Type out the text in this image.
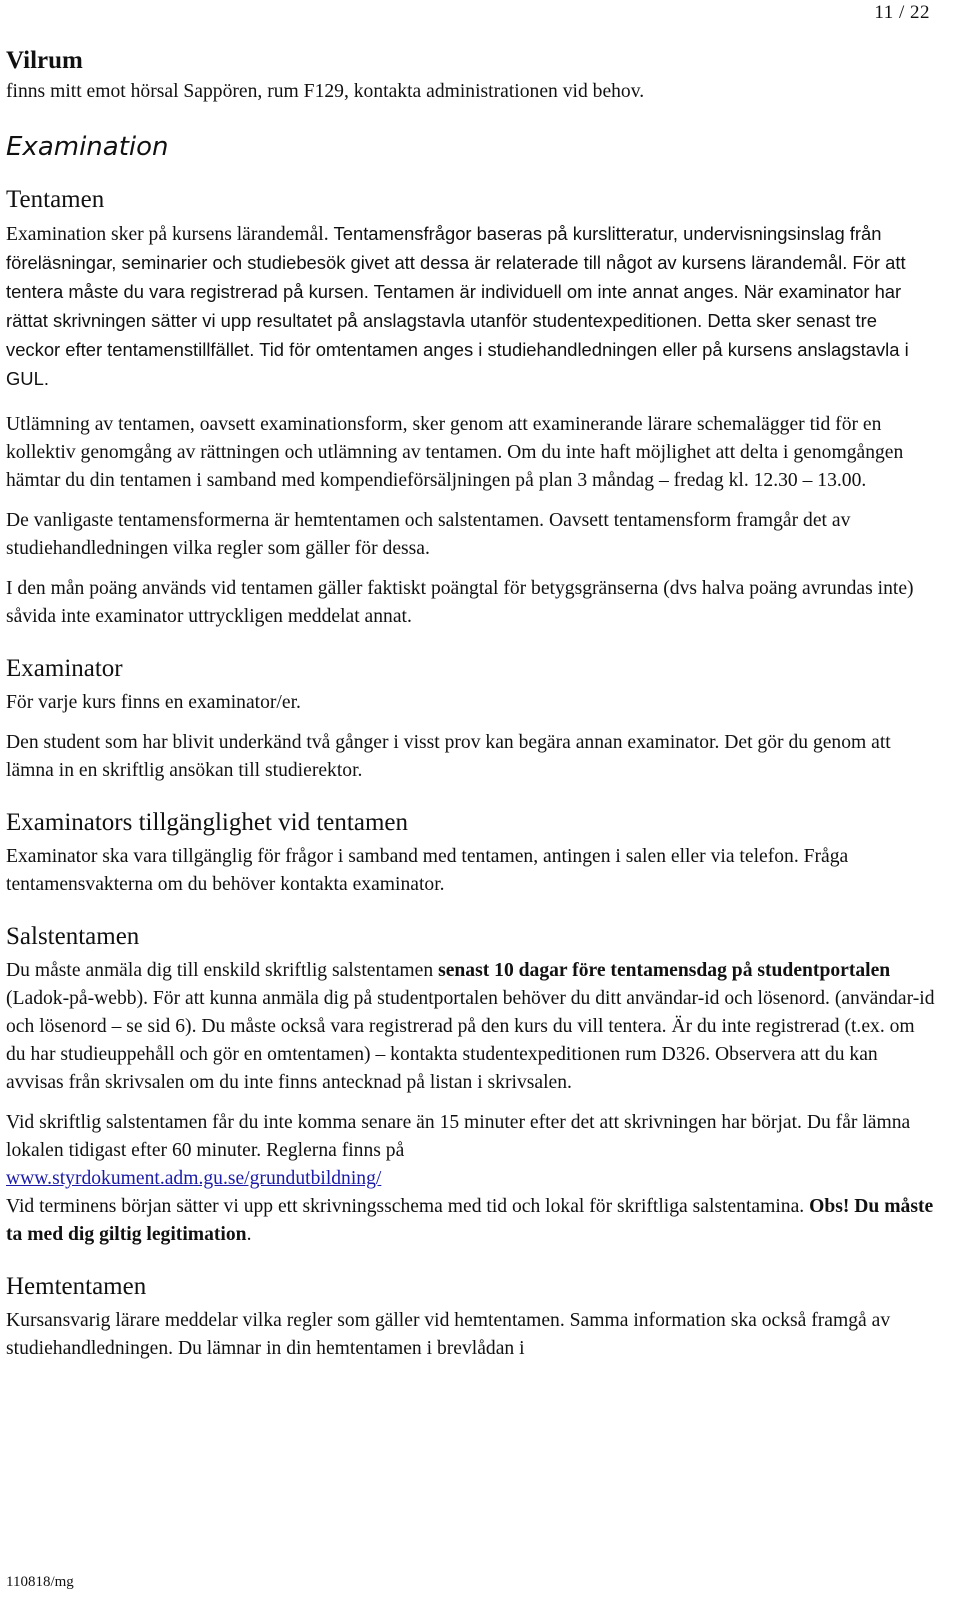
11 / 22
Vilrum

finns mitt emot hörsal Sappören, rum F129, kontakta administrationen vid behov.

Examination
Tentamen

Examination sker på kursens lärandemål. Tentamensfrågor baseras på kurslitteratur, undervisningsinslag från föreläsningar, seminarier och studiebesök givet att dessa är relaterade till något av kursens lärandemål. För att tentera måste du vara registrerad på kursen. Tentamen är individuell om inte annat anges. När examinator har rättat skrivningen sätter vi upp resultatet på anslagstavla utanför studentexpeditionen. Detta sker senast tre veckor efter tentamenstillfället. Tid för omtentamen anges i studiehandledningen eller på kursens anslagstavla i GUL.

Utlämning av tentamen, oavsett examinationsform, sker genom att examinerande lärare schemalägger tid för en kollektiv genomgång av rättningen och utlämning av tentamen. Om du inte haft möjlighet att delta i genomgången hämtar du din tentamen i samband med kompendieförsäljningen på plan 3 måndag – fredag kl. 12.30 – 13.00.

De vanligaste tentamensformerna är hemtentamen och salstentamen. Oavsett tentamensform framgår det av studiehandledningen vilka regler som gäller för dessa.

I den mån poäng används vid tentamen gäller faktiskt poängtal för betygsgränserna (dvs halva poäng avrundas inte) såvida inte examinator uttryckligen meddelat annat.

Examinator

För varje kurs finns en examinator/er.

Den student som har blivit underkänd två gånger i visst prov kan begära annan examinator. Det gör du genom att lämna in en skriftlig ansökan till studierektor.

Examinators tillgänglighet vid tentamen

Examinator ska vara tillgänglig för frågor i samband med tentamen, antingen i salen eller via telefon. Fråga tentamensvakterna om du behöver kontakta examinator.

Salstentamen

Du måste anmäla dig till enskild skriftlig salstentamen senast 10 dagar före tentamensdag på studentportalen (Ladok-på-webb). För att kunna anmäla dig på studentportalen behöver du ditt användar-id och lösenord. (användar-id och lösenord – se sid 6). Du måste också vara registrerad på den kurs du vill tentera. Är du inte registrerad (t.ex. om du har studieuppehåll och gör en omtentamen) – kontakta studentexpeditionen rum D326. Observera att du kan avvisas från skrivsalen om du inte finns antecknad på listan i skrivsalen.

Vid skriftlig salstentamen får du inte komma senare än 15 minuter efter det att skrivningen har börjat. Du får lämna lokalen tidigast efter 60 minuter. Reglerna finns på
www.styrdokument.adm.gu.se/grundutbildning/
Vid terminens början sätter vi upp ett skrivningsschema med tid och lokal för skriftliga salstentamina. Obs! Du måste ta med dig giltig legitimation.

Hemtentamen

Kursansvarig lärare meddelar vilka regler som gäller vid hemtentamen. Samma information ska också framgå av studiehandledningen. Du lämnar in din hemtentamen i brevlådan i

110818/mg
